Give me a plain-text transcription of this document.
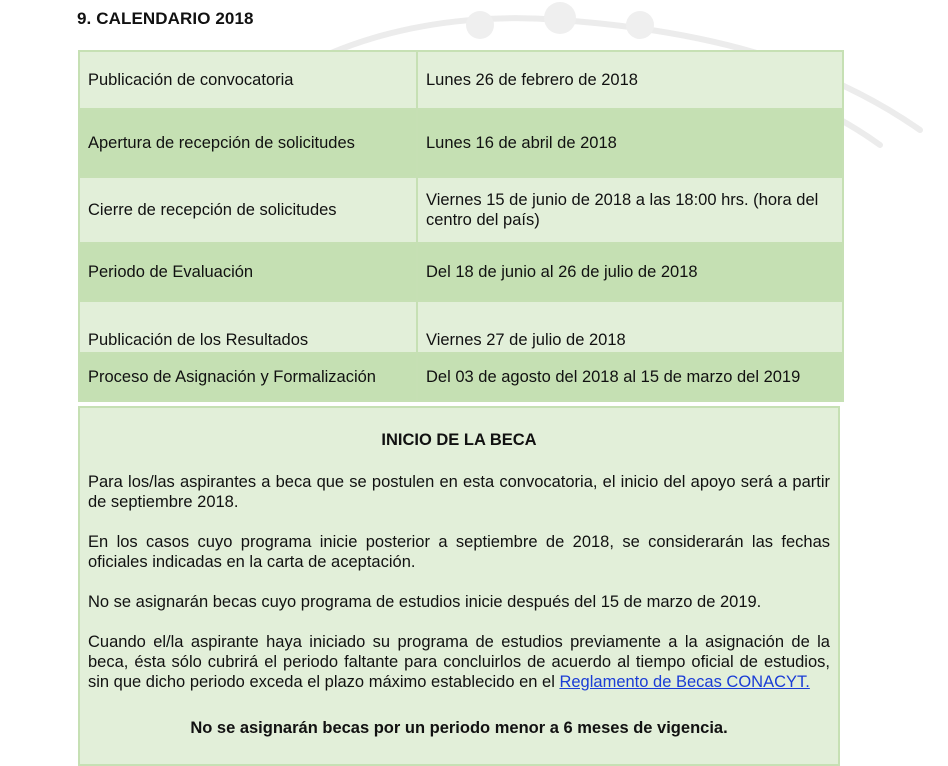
9. CALENDARIO 2018
Publicación de convocatoria	Lunes 26 de febrero de 2018
Apertura de recepción de solicitudes	Lunes 16 de abril de 2018
Cierre de recepción de solicitudes	Viernes 15 de junio de 2018 a las 18:00 hrs. (hora del centro del país)
Periodo de Evaluación	Del 18 de junio al 26 de julio de 2018
Publicación de los Resultados	Viernes 27 de julio de 2018
Proceso de Asignación y Formalización	Del 03 de agosto del 2018 al 15 de marzo del 2019
INICIO DE LA BECA

Para los/las aspirantes a beca que se postulen en esta convocatoria, el inicio del apoyo será a partir de septiembre 2018.

En los casos cuyo programa inicie posterior a septiembre de 2018, se considerarán las fechas oficiales indicadas en la carta de aceptación.

No se asignarán becas cuyo programa de estudios inicie después del 15 de marzo de 2019.

Cuando el/la aspirante haya iniciado su programa de estudios previamente a la asignación de la beca, ésta sólo cubrirá el periodo faltante para concluirlos de acuerdo al tiempo oficial de estudios, sin que dicho periodo exceda el plazo máximo establecido en el Reglamento de Becas CONACYT.

No se asignarán becas por un periodo menor a 6 meses de vigencia.
